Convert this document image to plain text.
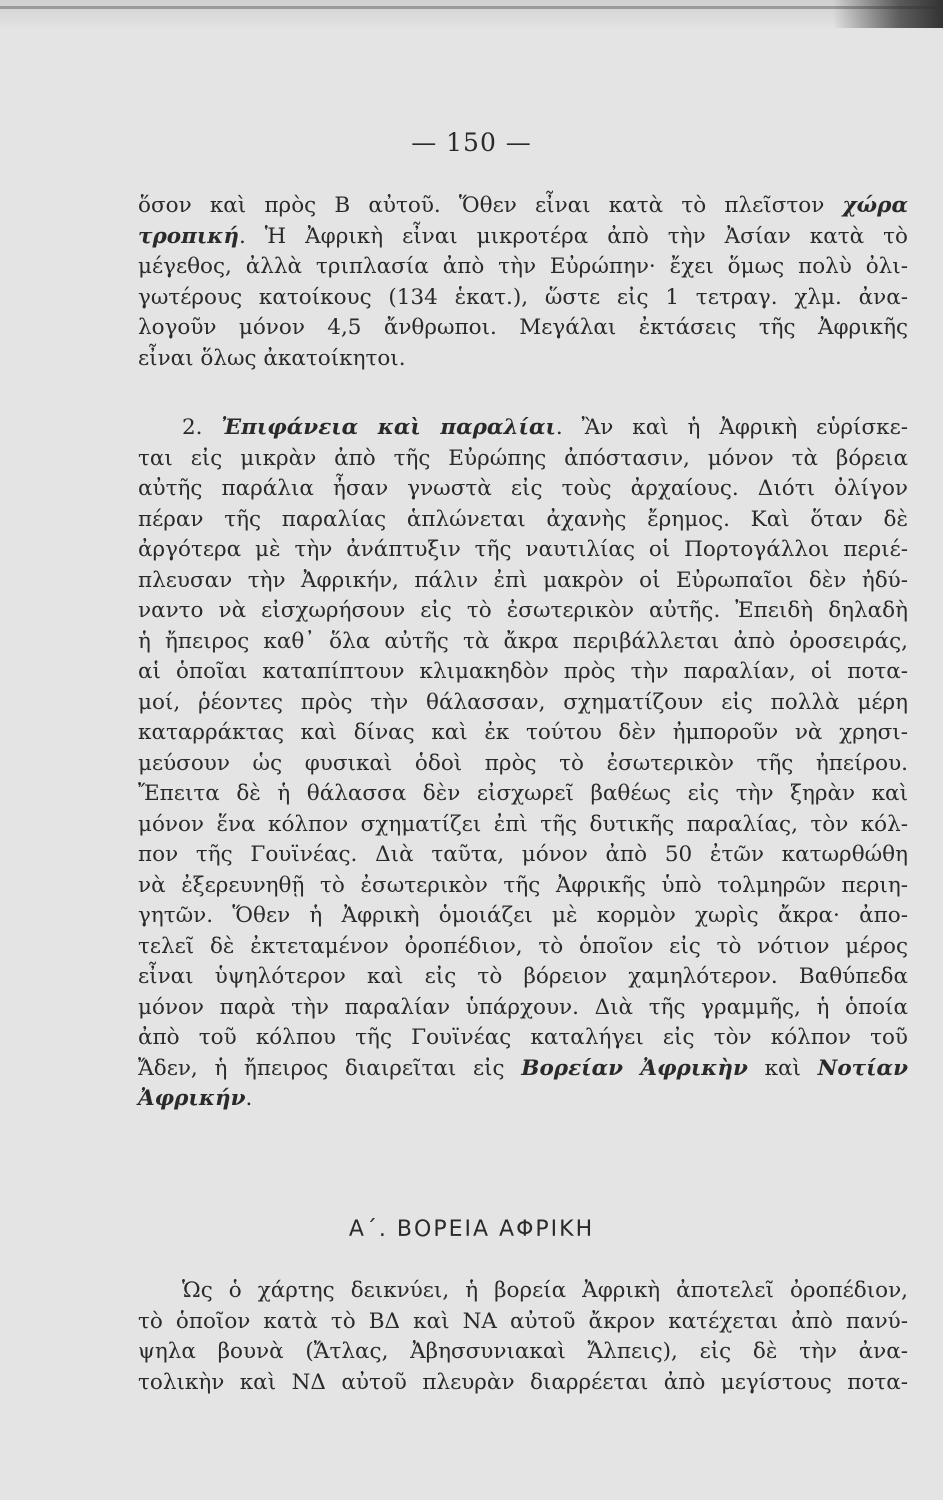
— 150 —
ὅσον καὶ πρὸς Β αὐτοῦ. Ὅθεν εἶναι κατὰ τὸ πλεῖστον χώρα
τροπική. Ἡ Ἀφρικὴ εἶναι μικροτέρα ἀπὸ τὴν Ἀσίαν κατὰ τὸ
μέγεθος, ἀλλὰ τριπλασία ἀπὸ τὴν Εὐρώπην· ἔχει ὅμως πολὺ ὀλι-
γωτέρους κατοίκους (134 ἑκατ.), ὥστε εἰς 1 τετραγ. χλμ. ἀνα-
λογοῦν μόνον 4,5 ἄνθρωποι. Μεγάλαι ἐκτάσεις τῆς Ἀφρικῆς
εἶναι ὅλως ἀκατοίκητοι.
2. Ἐπιφάνεια καὶ παραλίαι. Ἂν καὶ ἡ Ἀφρικὴ εὑρίσκε-
ται εἰς μικρὰν ἀπὸ τῆς Εὐρώπης ἀπόστασιν, μόνον τὰ βόρεια
αὐτῆς παράλια ἦσαν γνωστὰ εἰς τοὺς ἀρχαίους. Διότι ὀλίγον
πέραν τῆς παραλίας ἁπλώνεται ἀχανὴς ἔρημος. Καὶ ὅταν δὲ
ἀργότερα μὲ τὴν ἀνάπτυξιν τῆς ναυτιλίας οἱ Πορτογάλλοι περιέ-
πλευσαν τὴν Ἀφρικήν, πάλιν ἐπὶ μακρὸν οἱ Εὐρωπαῖοι δὲν ἠδύ-
ναντο νὰ εἰσχωρήσουν εἰς τὸ ἐσωτερικὸν αὐτῆς. Ἐπειδὴ δηλαδὴ
ἡ ἤπειρος καθ᾽ ὅλα αὐτῆς τὰ ἄκρα περιβάλλεται ἀπὸ ὀροσειράς,
αἱ ὁποῖαι καταπίπτουν κλιμακηδὸν πρὸς τὴν παραλίαν, οἱ ποτα-
μοί, ῥέοντες πρὸς τὴν θάλασσαν, σχηματίζουν εἰς πολλὰ μέρη
καταρράκτας καὶ δίνας καὶ ἐκ τούτου δὲν ἠμποροῦν νὰ χρησι-
μεύσουν ὡς φυσικαὶ ὁδοὶ πρὸς τὸ ἐσωτερικὸν τῆς ἠπείρου.
Ἔπειτα δὲ ἡ θάλασσα δὲν εἰσχωρεῖ βαθέως εἰς τὴν ξηρὰν καὶ
μόνον ἕνα κόλπον σχηματίζει ἐπὶ τῆς δυτικῆς παραλίας, τὸν κόλ-
πον τῆς Γουϊνέας. Διὰ ταῦτα, μόνον ἀπὸ 50 ἐτῶν κατωρθώθη
νὰ ἐξερευνηθῇ τὸ ἐσωτερικὸν τῆς Ἀφρικῆς ὑπὸ τολμηρῶν περιη-
γητῶν. Ὅθεν ἡ Ἀφρικὴ ὁμοιάζει μὲ κορμὸν χωρὶς ἄκρα· ἀπο-
τελεῖ δὲ ἐκτεταμένον ὀροπέδιον, τὸ ὁποῖον εἰς τὸ νότιον μέρος
εἶναι ὑψηλότερον καὶ εἰς τὸ βόρειον χαμηλότερον. Βαθύπεδα
μόνον παρὰ τὴν παραλίαν ὑπάρχουν. Διὰ τῆς γραμμῆς, ἡ ὁποία
ἀπὸ τοῦ κόλπου τῆς Γουϊνέας καταλήγει εἰς τὸν κόλπον τοῦ
Ἄδεν, ἡ ἤπειρος διαιρεῖται εἰς Βορείαν Ἀφρικὴν καὶ Νοτίαν
Ἀφρικήν.
Α΄. ΒΟΡΕΙΑ ΑΦΡΙΚΗ
Ὡς ὁ χάρτης δεικνύει, ἡ βορεία Ἀφρικὴ ἀποτελεῖ ὀροπέδιον,
τὸ ὁποῖον κατὰ τὸ ΒΔ καὶ ΝΑ αὐτοῦ ἄκρον κατέχεται ἀπὸ πανύ-
ψηλα βουνὰ (Ἄτλας, Ἀβησσυνιακαὶ Ἄλπεις), εἰς δὲ τὴν ἀνα-
τολικὴν καὶ ΝΔ αὐτοῦ πλευρὰν διαρρέεται ἀπὸ μεγίστους ποτα-
